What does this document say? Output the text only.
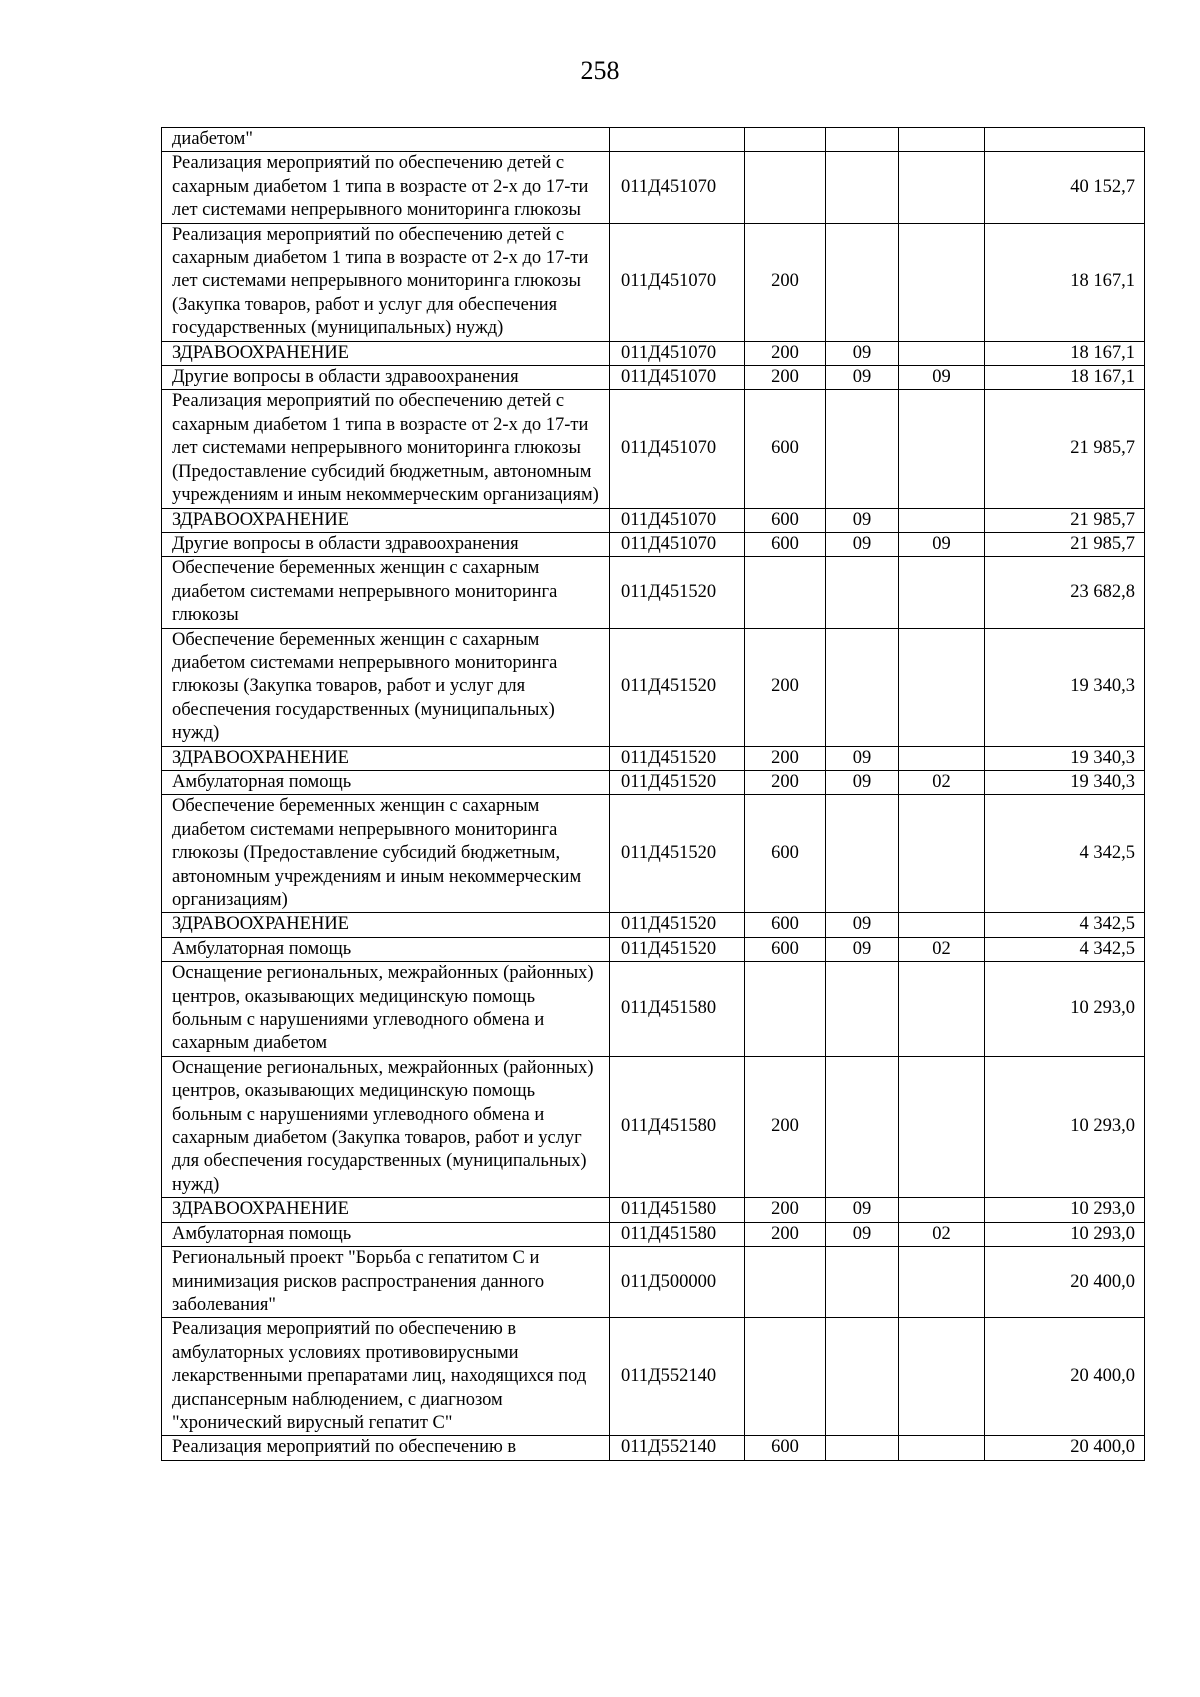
258
диабетом"					
Реализация мероприятий по обеспечению детей с сахарным диабетом 1 типа в возрасте от 2-х до 17-ти лет системами непрерывного мониторинга глюкозы	011Д451070				40 152,7
Реализация мероприятий по обеспечению детей с сахарным диабетом 1 типа в возрасте от 2-х до 17-ти лет системами непрерывного мониторинга глюкозы (Закупка товаров, работ и услуг для обеспечения государственных (муниципальных) нужд)	011Д451070	200			18 167,1
ЗДРАВООХРАНЕНИЕ	011Д451070	200	09		18 167,1
Другие вопросы в области здравоохранения	011Д451070	200	09	09	18 167,1
Реализация мероприятий по обеспечению детей с сахарным диабетом 1 типа в возрасте от 2-х до 17-ти лет системами непрерывного мониторинга глюкозы (Предоставление субсидий бюджетным, автономным учреждениям и иным некоммерческим организациям)	011Д451070	600			21 985,7
ЗДРАВООХРАНЕНИЕ	011Д451070	600	09		21 985,7
Другие вопросы в области здравоохранения	011Д451070	600	09	09	21 985,7
Обеспечение беременных женщин с сахарным диабетом системами непрерывного мониторинга глюкозы	011Д451520				23 682,8
Обеспечение беременных женщин с сахарным диабетом системами непрерывного мониторинга глюкозы (Закупка товаров, работ и услуг для обеспечения государственных (муниципальных) нужд)	011Д451520	200			19 340,3
ЗДРАВООХРАНЕНИЕ	011Д451520	200	09		19 340,3
Амбулаторная помощь	011Д451520	200	09	02	19 340,3
Обеспечение беременных женщин с сахарным диабетом системами непрерывного мониторинга глюкозы (Предоставление субсидий бюджетным, автономным учреждениям и иным некоммерческим организациям)	011Д451520	600			4 342,5
ЗДРАВООХРАНЕНИЕ	011Д451520	600	09		4 342,5
Амбулаторная помощь	011Д451520	600	09	02	4 342,5
Оснащение региональных, межрайонных (районных) центров, оказывающих медицинскую помощь больным с нарушениями углеводного обмена и сахарным диабетом	011Д451580				10 293,0
Оснащение региональных, межрайонных (районных) центров, оказывающих медицинскую помощь больным с нарушениями углеводного обмена и сахарным диабетом (Закупка товаров, работ и услуг для обеспечения государственных (муниципальных) нужд)	011Д451580	200			10 293,0
ЗДРАВООХРАНЕНИЕ	011Д451580	200	09		10 293,0
Амбулаторная помощь	011Д451580	200	09	02	10 293,0
Региональный проект "Борьба с гепатитом С и минимизация рисков распространения данного заболевания"	011Д500000				20 400,0
Реализация мероприятий по обеспечению в амбулаторных условиях противовирусными лекарственными препаратами лиц, находящихся под диспансерным наблюдением, с диагнозом "хронический вирусный гепатит С"	011Д552140				20 400,0
Реализация мероприятий по обеспечению в	011Д552140	600			20 400,0
